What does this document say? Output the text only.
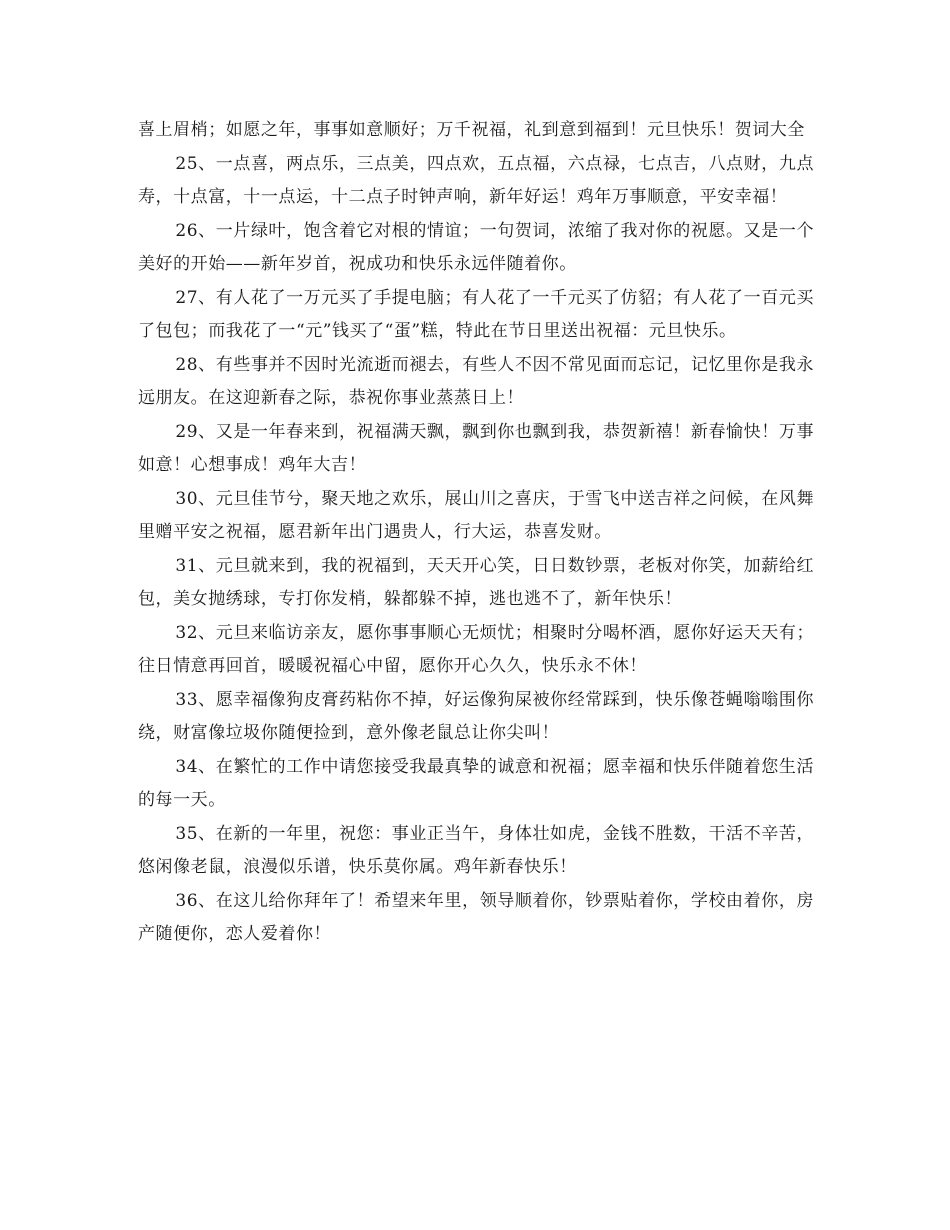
喜上眉梢；如愿之年，事事如意顺好；万千祝福，礼到意到福到！元旦快乐！贺词大全

25、一点喜，两点乐，三点美，四点欢，五点福，六点禄，七点吉，八点财，九点寿，十点富，十一点运，十二点子时钟声响，新年好运！鸡年万事顺意，平安幸福！

26、一片绿叶，饱含着它对根的情谊；一句贺词，浓缩了我对你的祝愿。又是一个美好的开始——新年岁首，祝成功和快乐永远伴随着你。

27、有人花了一万元买了手提电脑；有人花了一千元买了仿貂；有人花了一百元买了包包；而我花了一“元”钱买了“蛋”糕，特此在节日里送出祝福：元旦快乐。

28、有些事并不因时光流逝而褪去，有些人不因不常见面而忘记，记忆里你是我永远朋友。在这迎新春之际，恭祝你事业蒸蒸日上！

29、又是一年春来到，祝福满天飘，飘到你也飘到我，恭贺新禧！新春愉快！万事如意！心想事成！鸡年大吉！

30、元旦佳节兮，聚天地之欢乐，展山川之喜庆，于雪飞中送吉祥之问候，在风舞里赠平安之祝福，愿君新年出门遇贵人，行大运，恭喜发财。

31、元旦就来到，我的祝福到，天天开心笑，日日数钞票，老板对你笑，加薪给红包，美女抛绣球，专打你发梢，躲都躲不掉，逃也逃不了，新年快乐！

32、元旦来临访亲友，愿你事事顺心无烦忧；相聚时分喝杯酒，愿你好运天天有；往日情意再回首，暖暖祝福心中留，愿你开心久久，快乐永不休！

33、愿幸福像狗皮膏药粘你不掉，好运像狗屎被你经常踩到，快乐像苍蝇嗡嗡围你绕，财富像垃圾你随便捡到，意外像老鼠总让你尖叫！

34、在繁忙的工作中请您接受我最真挚的诚意和祝福；愿幸福和快乐伴随着您生活的每一天。

35、在新的一年里，祝您：事业正当午，身体壮如虎，金钱不胜数，干活不辛苦，悠闲像老鼠，浪漫似乐谱，快乐莫你属。鸡年新春快乐！

36、在这儿给你拜年了！希望来年里，领导顺着你，钞票贴着你，学校由着你，房产随便你，恋人爱着你！
